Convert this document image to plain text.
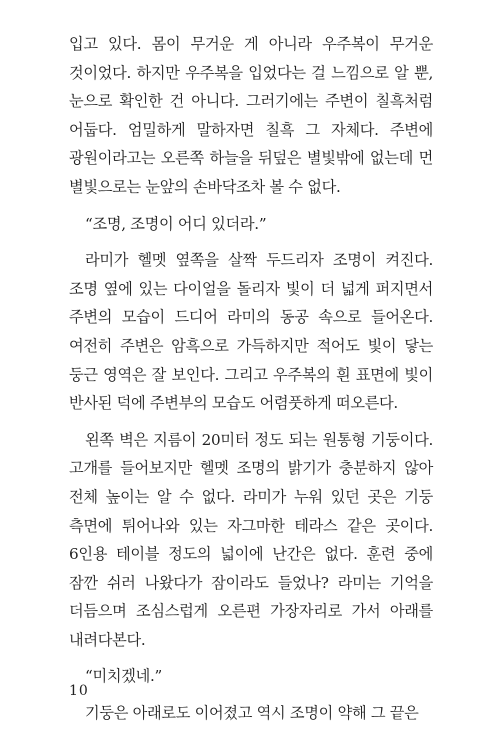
입고 있다. 몸이 무거운 게 아니라 우주복이 무거운 것이었다. 하지만 우주복을 입었다는 걸 느낌으로 알 뿐, 눈으로 확인한 건 아니다. 그러기에는 주변이 칠흑처럼 어둡다. 엄밀하게 말하자면 칠흑 그 자체다. 주변에 광원이라고는 오른쪽 하늘을 뒤덮은 별빛밖에 없는데 먼 별빛으로는 눈앞의 손바닥조차 볼 수 없다.

“조명, 조명이 어디 있더라.”

라미가 헬멧 옆쪽을 살짝 두드리자 조명이 켜진다. 조명 옆에 있는 다이얼을 돌리자 빛이 더 넓게 퍼지면서 주변의 모습이 드디어 라미의 동공 속으로 들어온다. 여전히 주변은 암흑으로 가득하지만 적어도 빛이 닿는 둥근 영역은 잘 보인다. 그리고 우주복의 흰 표면에 빛이 반사된 덕에 주변부의 모습도 어렴풋하게 떠오른다.

왼쪽 벽은 지름이 20미터 정도 되는 원통형 기둥이다. 고개를 들어보지만 헬멧 조명의 밝기가 충분하지 않아 전체 높이는 알 수 없다. 라미가 누워 있던 곳은 기둥 측면에 튀어나와 있는 자그마한 테라스 같은 곳이다. 6인용 테이블 정도의 넓이에 난간은 없다. 훈련 중에 잠깐 쉬러 나왔다가 잠이라도 들었나? 라미는 기억을 더듬으며 조심스럽게 오른편 가장자리로 가서 아래를 내려다본다.

“미치겠네.”

기둥은 아래로도 이어졌고 역시 조명이 약해 그 끝은

10
